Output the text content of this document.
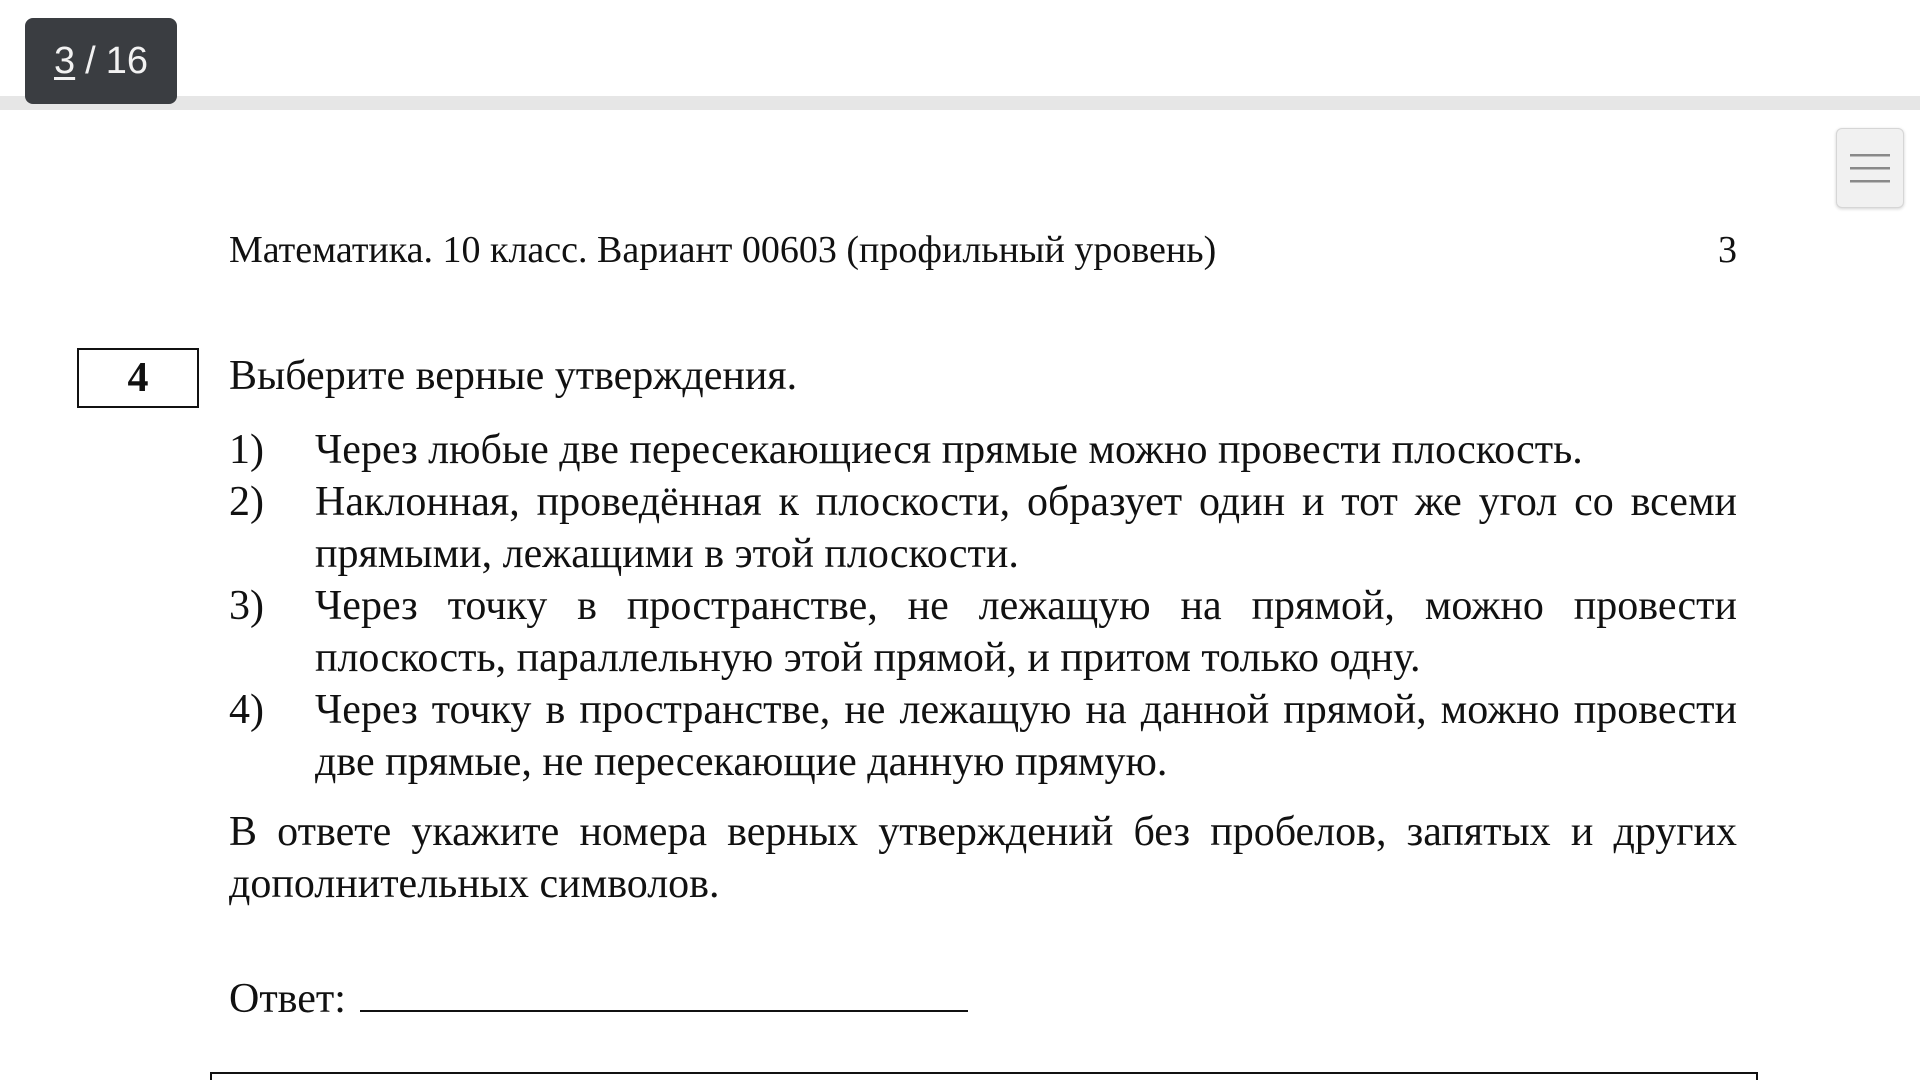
3 / 16
Математика. 10 класс. Вариант 00603 (профильный уровень)	3
4 Выберите верные утверждения.
1)	Через любые две пересекающиеся прямые можно провести плоскость.
2)	Наклонная, проведённая к плоскости, образует один и тот же угол со всеми прямыми, лежащими в этой плоскости.
3)	Через точку в пространстве, не лежащую на прямой, можно провести плоскость, параллельную этой прямой, и притом только одну.
4)	Через точку в пространстве, не лежащую на данной прямой, можно провести две прямые, не пересекающие данную прямую.
В ответе укажите номера верных утверждений без пробелов, запятых и других дополнительных символов.
Ответ:
